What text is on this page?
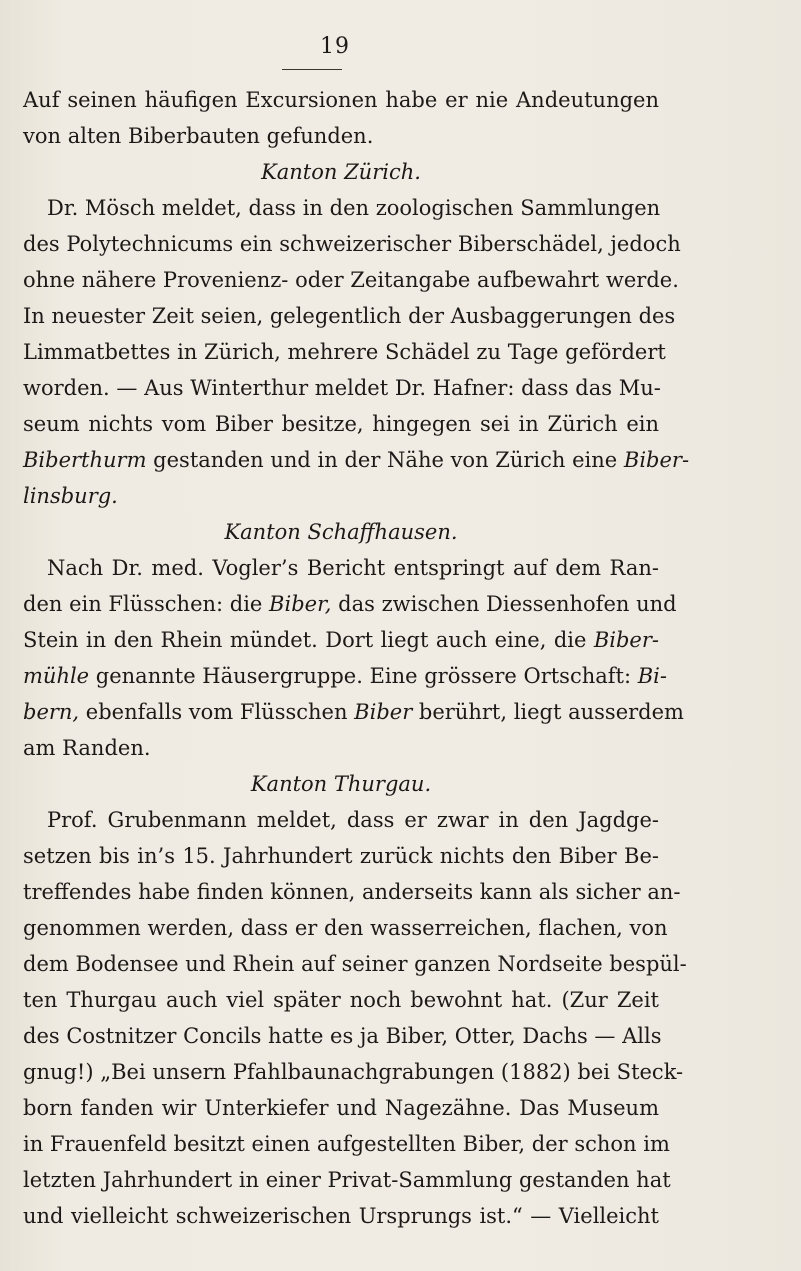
19
Auf seinen häufigen Excursionen habe er nie Andeutungen
von alten Biberbauten gefunden.
Kanton Zürich.
Dr. Mösch meldet, dass in den zoologischen Sammlungen
des Polytechnicums ein schweizerischer Biberschädel, jedoch
ohne nähere Provenienz- oder Zeitangabe aufbewahrt werde.
In neuester Zeit seien, gelegentlich der Ausbaggerungen des
Limmatbettes in Zürich, mehrere Schädel zu Tage gefördert
worden. — Aus Winterthur meldet Dr. Hafner: dass das Mu-
seum nichts vom Biber besitze, hingegen sei in Zürich ein
Biberthurm gestanden und in der Nähe von Zürich eine Biber-
linsburg.
Kanton Schaffhausen.
Nach Dr. med. Vogler’s Bericht entspringt auf dem Ran-
den ein Flüsschen: die Biber, das zwischen Diessenhofen und
Stein in den Rhein mündet. Dort liegt auch eine, die Biber-
mühle genannte Häusergruppe. Eine grössere Ortschaft: Bi-
bern, ebenfalls vom Flüsschen Biber berührt, liegt ausserdem
am Randen.
Kanton Thurgau.
Prof. Grubenmann meldet, dass er zwar in den Jagdge-
setzen bis in’s 15. Jahrhundert zurück nichts den Biber Be-
treffendes habe finden können, anderseits kann als sicher an-
genommen werden, dass er den wasserreichen, flachen, von
dem Bodensee und Rhein auf seiner ganzen Nordseite bespül-
ten Thurgau auch viel später noch bewohnt hat. (Zur Zeit
des Costnitzer Concils hatte es ja Biber, Otter, Dachs — Alls
gnug!) „Bei unsern Pfahlbaunachgrabungen (1882) bei Steck-
born fanden wir Unterkiefer und Nagezähne. Das Museum
in Frauenfeld besitzt einen aufgestellten Biber, der schon im
letzten Jahrhundert in einer Privat-Sammlung gestanden hat
und vielleicht schweizerischen Ursprungs ist.“ — Vielleicht
